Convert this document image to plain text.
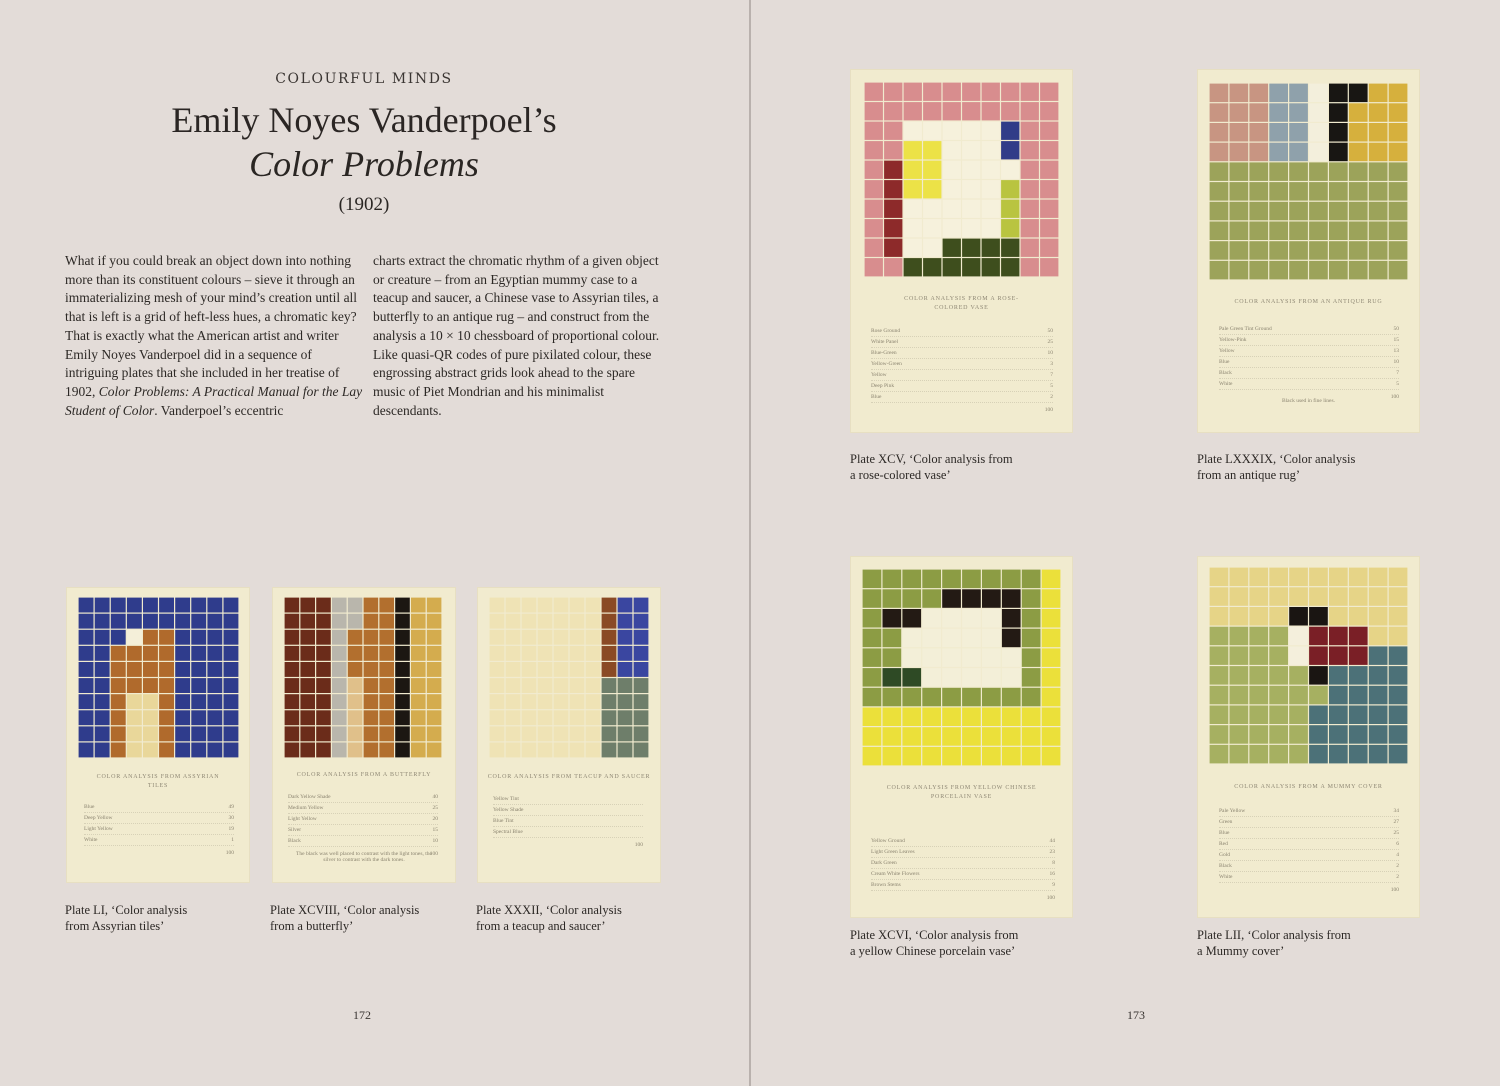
COLOURFUL MINDS
Emily Noyes Vanderpoel’s
Color Problems
(1902)
What if you could break an object down into nothing more than its constituent colours – sieve it through an immaterializing mesh of your mind’s creation until all that is left is a grid of heft-less hues, a chromatic key? That is exactly what the American artist and writer Emily Noyes Vanderpoel did in a sequence of intriguing plates that she included in her treatise of 1902, Color Problems: A Practical Manual for the Lay Student of Color. Vanderpoel’s eccentric
charts extract the chromatic rhythm of a given object or creature – from an Egyptian mummy case to a teacup and saucer, a Chinese vase to Assyrian tiles, a butterfly to an antique rug – and construct from the analysis a 10 × 10 chessboard of proportional colour. Like quasi-QR codes of pure pixilated colour, these engrossing abstract grids look ahead to the spare music of Piet Mondrian and his minimalist descendants.
COLOR ANALYSIS FROM ASSYRIAN TILES
Blue	49
Deep Yellow	30
Light Yellow	19
White	1
100
COLOR ANALYSIS FROM A BUTTERFLY
Dark Yellow Shade	40
Medium Yellow	25
Light Yellow	20
Silver	15
Black	10
100
The black was well placed to contrast with the light tones, the silver to contrast with the dark tones.
COLOR ANALYSIS FROM TEACUP AND SAUCER
Yellow Tint
Yellow Shade
Blue Tint
Spectral Blue
100
Plate LI, ‘Color analysis
from Assyrian tiles’
Plate XCVIII, ‘Color analysis
from a butterfly’
Plate XXXII, ‘Color analysis
from a teacup and saucer’
172
COLOR ANALYSIS FROM A ROSE-COLORED VASE
Rose Ground	50
White Panel	25
Blue-Green	10
Yellow-Green	3
Yellow	7
Deep Pink	5
Blue	2
100
COLOR ANALYSIS FROM AN ANTIQUE RUG
Pale Green Tint Ground	50
Yellow-Pink	15
Yellow	13
Blue	10
Black	7
White	5
100
Black used in fine lines.
COLOR ANALYSIS FROM YELLOW CHINESE PORCELAIN VASE
Yellow Ground	44
Light Green Leaves	23
Dark Green	8
Cream White Flowers	16
Brown Stems	9
100
COLOR ANALYSIS FROM A MUMMY COVER
Pale Yellow	34
Green	27
Blue	25
Red	6
Gold	4
Black	2
White	2
100
Plate XCV, ‘Color analysis from
a rose-colored vase’
Plate LXXXIX, ‘Color analysis
from an antique rug’
Plate XCVI, ‘Color analysis from
a yellow Chinese porcelain vase’
Plate LII, ‘Color analysis from
a Mummy cover’
173
